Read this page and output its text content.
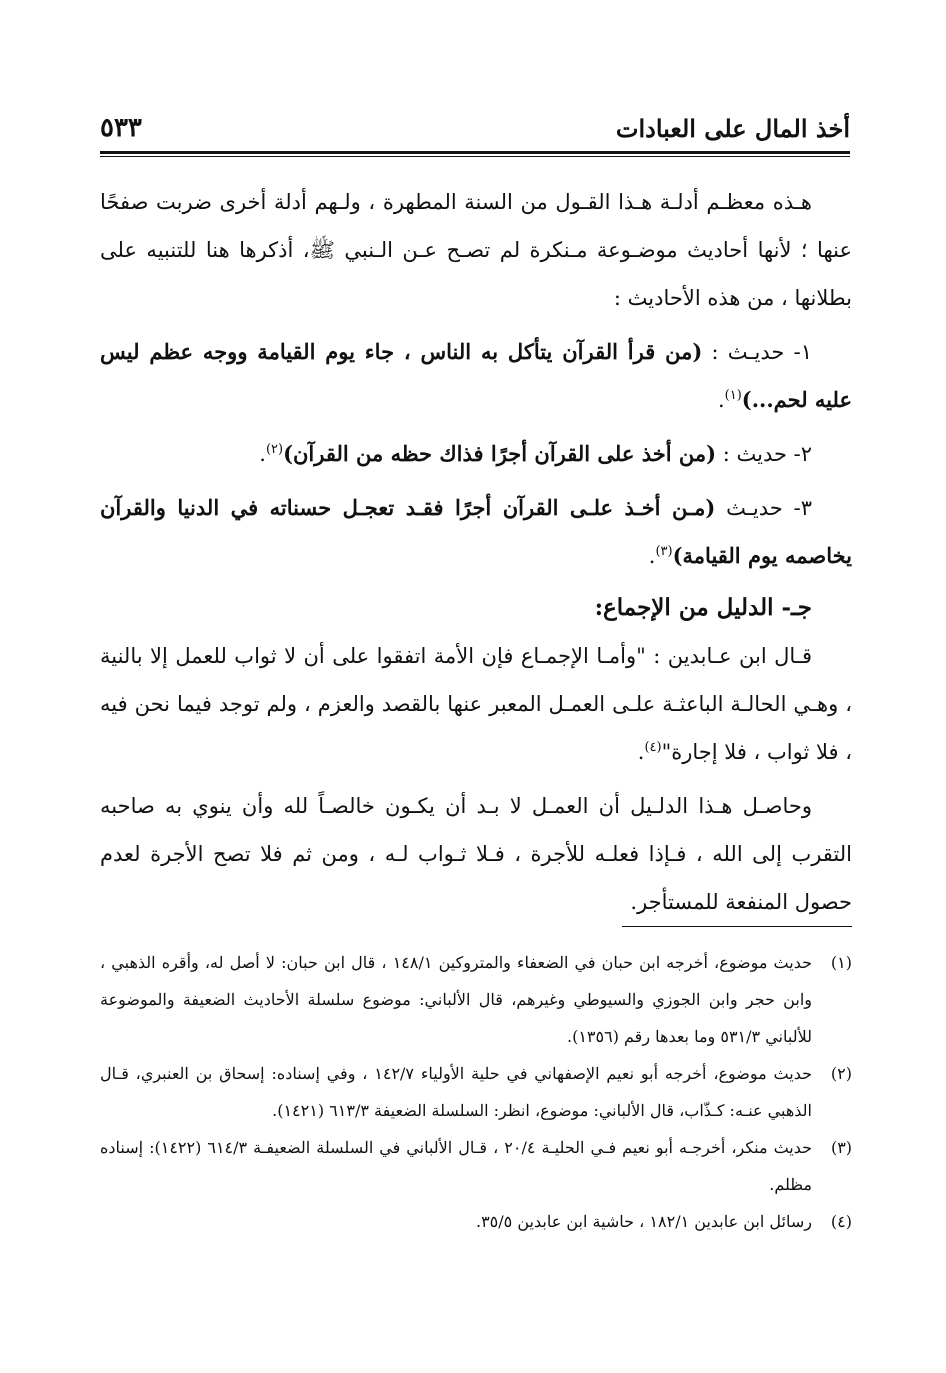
أخذ المال على العبادات
٥٣٣

هـذه معظـم أدلـة هـذا القـول من السنة المطهرة ، ولـهم أدلة أخرى ضربت صفحًا عنها ؛ لأنها أحاديث موضـوعة مـنكرة لم تصـح عـن الـنبي ﷺ، أذكرها هنا للتنبيه على بطلانها ، من هذه الأحاديث :

١- حديـث : (من قرأ القرآن يتأكل به الناس ، جاء يوم القيامة ووجه عظم ليس عليه لحم...)$^{(١)}$.

٢- حديث : (من أخذ على القرآن أجرًا فذاك حظه من القرآن)$^{(٢)}$.

٣- حديـث (مـن أخـذ علـى القرآن أجرًا فقـد تعجـل حسناته في الدنيا والقرآن يخاصمه يوم القيامة)$^{(٣)}$.

جـ- الدليل من الإجماع:

قـال ابن عـابدين : "وأمـا الإجمـاع فإن الأمة اتفقوا على أن لا ثواب للعمل إلا بالنية ، وهـي الحالـة الباعثـة علـى العمـل المعبر عنها بالقصد والعزم ، ولم توجد فيما نحن فيه ، فلا ثواب ، فلا إجارة"$^{(٤)}$.

وحاصـل هـذا الدلـيل أن العمـل لا بـد أن يكـون خالصـاً لله وأن ينوي به صاحبه التقرب إلى الله ، فـإذا فعلـه للأجرة ، فـلا ثـواب لـه ، ومن ثم فلا تصح الأجرة لعدم حصول المنفعة للمستأجر.

(١)حديث موضوع، أخرجه ابن حبان في الضعفاء والمتروكين ١٤٨/١ ، قال ابن حبان: لا أصل له، وأقره الذهبي ، وابن حجر وابن الجوزي والسيوطي وغيرهم، قال الألباني: موضوع سلسلة الأحاديث الضعيفة والموضوعة للألباني ٥٣١/٣ وما بعدها رقم (١٣٥٦).

(٢)حديث موضوع، أخرجه أبو نعيم الإصفهاني في حلية الأولياء ١٤٢/٧ ، وفي إسناده: إسحاق بن العنبري، قـال الذهبي عنـه: كـذّاب، قال الألباني: موضوع، انظر: السلسلة الضعيفة ٦١٣/٣ (١٤٢١).

(٣)حديث منكر، أخرجـه أبو نعيم فـي الحليـة ٢٠/٤ ، قـال الألباني في السلسلة الضعيفـة ٦١٤/٣ (١٤٢٢): إسناده مظلم.

(٤)رسائل ابن عابدين ١٨٢/١ ، حاشية ابن عابدين ٣٥/٥.
